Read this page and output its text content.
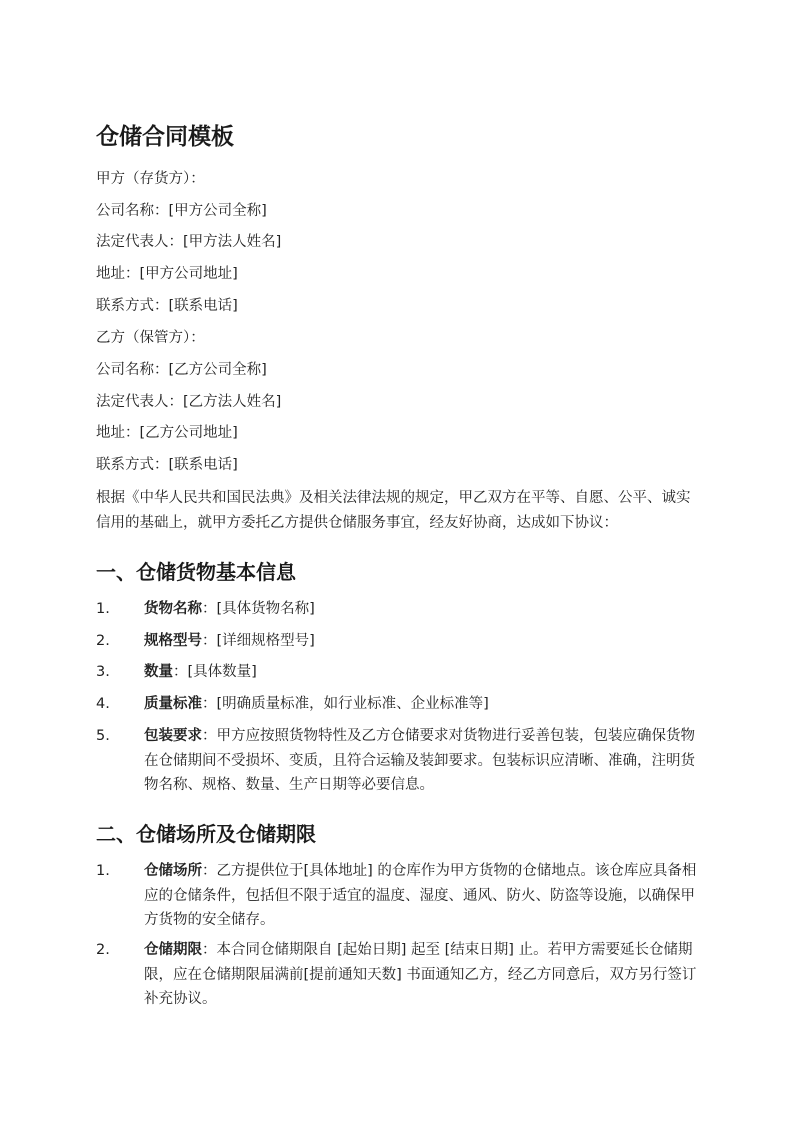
仓储合同模板
甲方（存货方）：
公司名称：[甲方公司全称]
法定代表人：[甲方法人姓名]
地址：[甲方公司地址]
联系方式：[联系电话]
乙方（保管方）：
公司名称：[乙方公司全称]
法定代表人：[乙方法人姓名]
地址：[乙方公司地址]
联系方式：[联系电话]
根据《中华人民共和国民法典》及相关法律法规的规定，甲乙双方在平等、自愿、公平、诚实信用的基础上，就甲方委托乙方提供仓储服务事宜，经友好协商，达成如下协议：
一、仓储货物基本信息
1.	货物名称：[具体货物名称]
2.	规格型号：[详细规格型号]
3.	数量：[具体数量]
4.	质量标准：[明确质量标准，如行业标准、企业标准等]
5.	包装要求：甲方应按照货物特性及乙方仓储要求对货物进行妥善包装，包装应确保货物在仓储期间不受损坏、变质，且符合运输及装卸要求。包装标识应清晰、准确，注明货物名称、规格、数量、生产日期等必要信息。
二、仓储场所及仓储期限
1.	仓储场所：乙方提供位于[具体地址] 的仓库作为甲方货物的仓储地点。该仓库应具备相应的仓储条件，包括但不限于适宜的温度、湿度、通风、防火、防盗等设施，以确保甲方货物的安全储存。
2.	仓储期限：本合同仓储期限自 [起始日期] 起至 [结束日期] 止。若甲方需要延长仓储期限，应在仓储期限届满前[提前通知天数] 书面通知乙方，经乙方同意后，双方另行签订补充协议。
